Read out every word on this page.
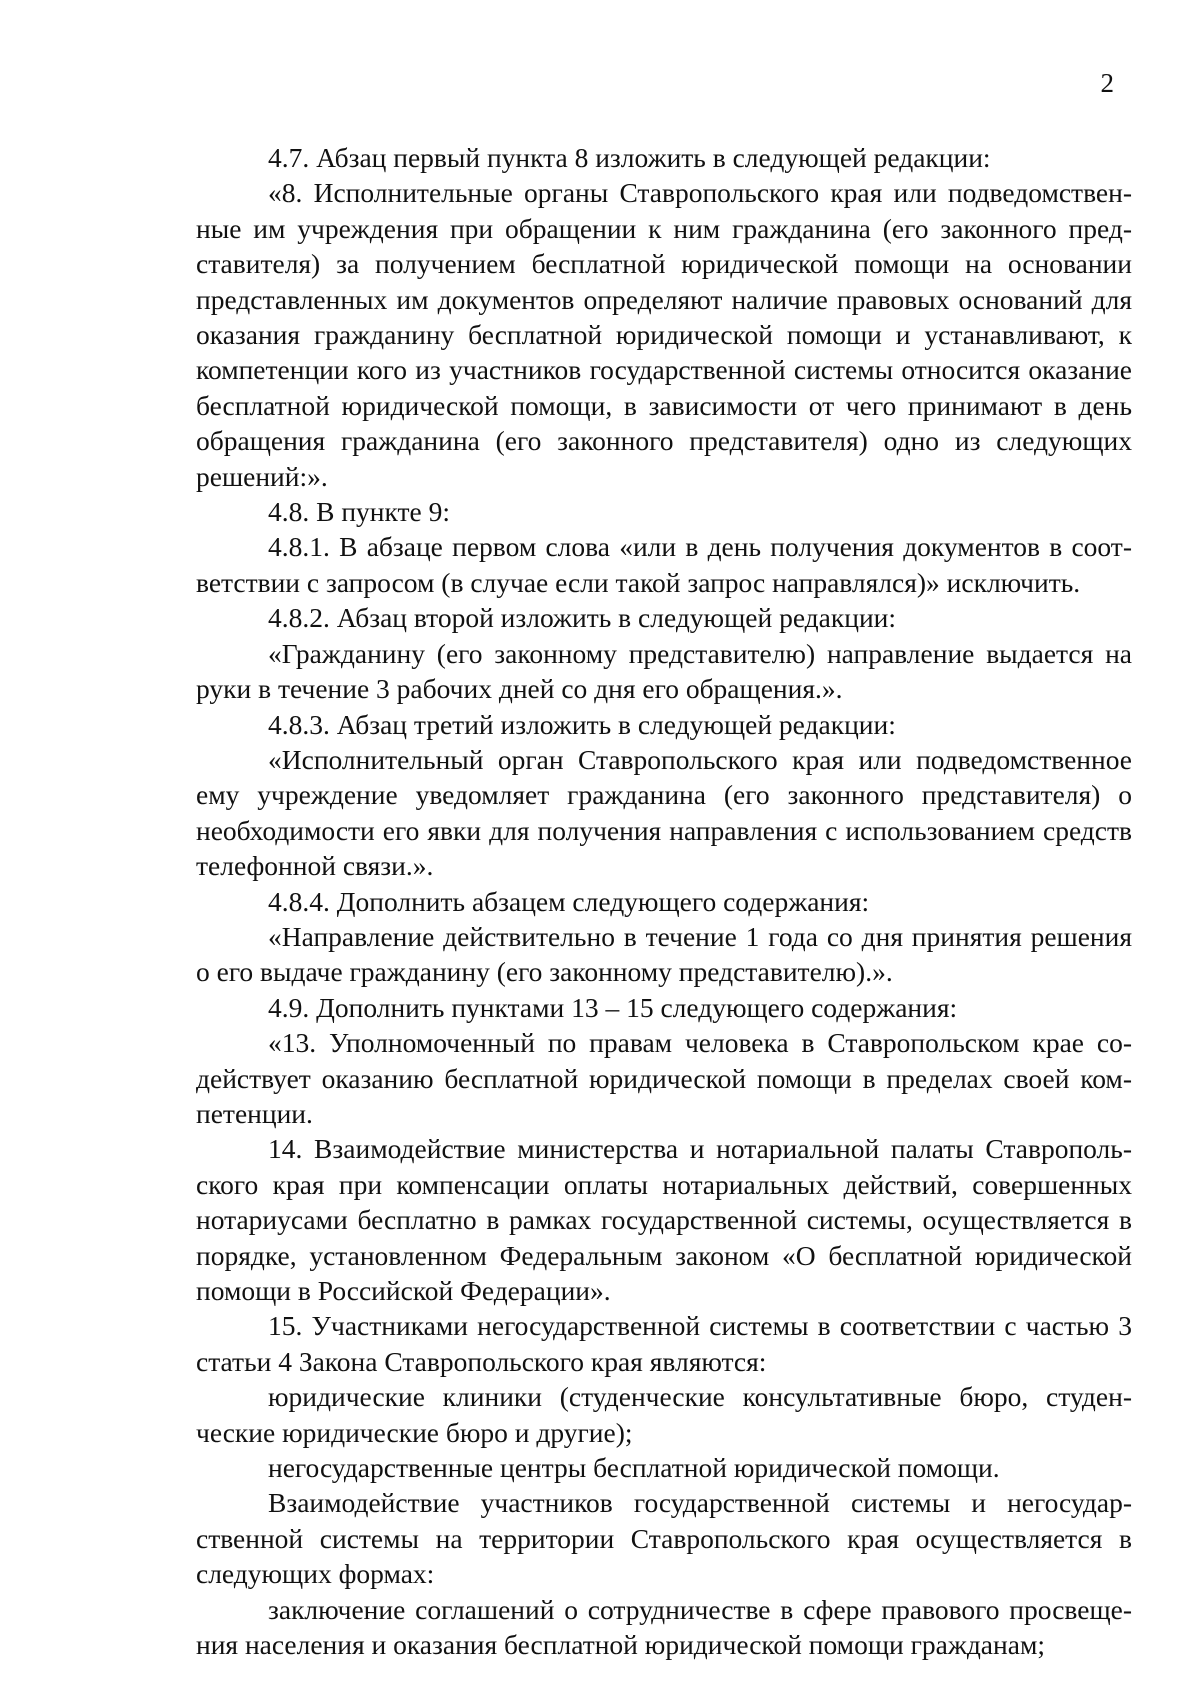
2

4.7. Абзац первый пункта 8 изложить в следующей редакции:

«8. Исполнительные органы Ставропольского края или подведомственные им учреждения при обращении к ним гражданина (его законного представителя) за получением бесплатной юридической помощи на основании представленных им документов определяют наличие правовых оснований для оказания гражданину бесплатной юридической помощи и устанавливают, к компетенции кого из участников государственной системы относится оказание бесплатной юридической помощи, в зависимости от чего принимают в день обращения гражданина (его законного представителя) одно из следующих решений:».

4.8. В пункте 9:

4.8.1. В абзаце первом слова «или в день получения документов в соответствии с запросом (в случае если такой запрос направлялся)» исключить.

4.8.2. Абзац второй изложить в следующей редакции:

«Гражданину (его законному представителю) направление выдается на руки в течение 3 рабочих дней со дня его обращения.».

4.8.3. Абзац третий изложить в следующей редакции:

«Исполнительный орган Ставропольского края или подведомственное ему учреждение уведомляет гражданина (его законного представителя) о необходимости его явки для получения направления с использованием средств телефонной связи.».

4.8.4. Дополнить абзацем следующего содержания:

«Направление действительно в течение 1 года со дня принятия решения о его выдаче гражданину (его законному представителю).».

4.9. Дополнить пунктами 13 – 15 следующего содержания:

«13. Уполномоченный по правам человека в Ставропольском крае содействует оказанию бесплатной юридической помощи в пределах своей компетенции.

14. Взаимодействие министерства и нотариальной палаты Ставропольского края при компенсации оплаты нотариальных действий, совершенных нотариусами бесплатно в рамках государственной системы, осуществляется в порядке, установленном Федеральным законом «О бесплатной юридической помощи в Российской Федерации».

15. Участниками негосударственной системы в соответствии с частью 3 статьи 4 Закона Ставропольского края являются:

юридические клиники (студенческие консультативные бюро, студенческие юридические бюро и другие);

негосударственные центры бесплатной юридической помощи.

Взаимодействие участников государственной системы и негосударственной системы на территории Ставропольского края осуществляется в следующих формах:

заключение соглашений о сотрудничестве в сфере правового просвещения населения и оказания бесплатной юридической помощи гражданам;
